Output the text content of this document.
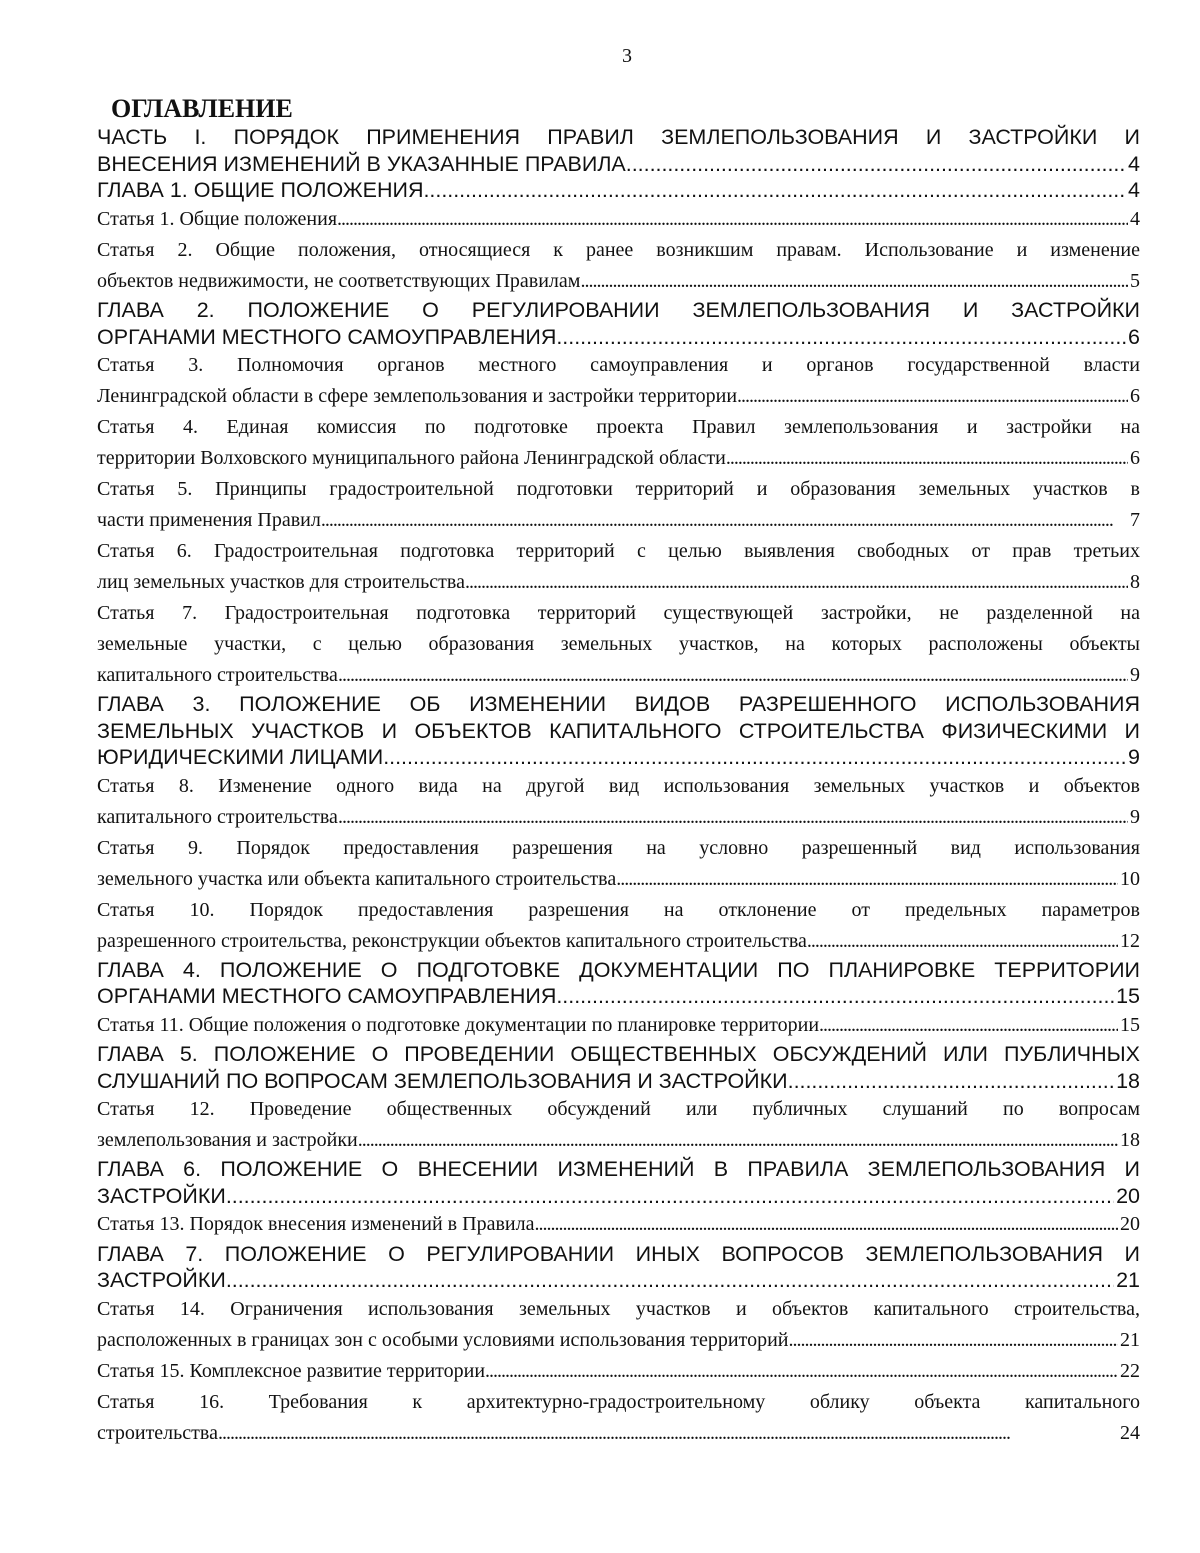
3
ОГЛАВЛЕНИЕ
ЧАСТЬ I. ПОРЯДОК ПРИМЕНЕНИЯ ПРАВИЛ ЗЕМЛЕПОЛЬЗОВАНИЯ И ЗАСТРОЙКИ И
ВНЕСЕНИЯ ИЗМЕНЕНИЙ В УКАЗАННЫЕ ПРАВИЛА . . .	4
ГЛАВА 1. ОБЩИЕ ПОЛОЖЕНИЯ . . .	4
Статья 1. Общие положения . . .	4
Статья 2. Общие положения, относящиеся к ранее возникшим правам. Использование и изменение
объектов недвижимости, не соответствующих Правилам . . .	5
ГЛАВА 2. ПОЛОЖЕНИЕ О РЕГУЛИРОВАНИИ ЗЕМЛЕПОЛЬЗОВАНИЯ И ЗАСТРОЙКИ
ОРГАНАМИ МЕСТНОГО САМОУПРАВЛЕНИЯ . . .	6
Статья 3. Полномочия органов местного самоуправления и органов государственной власти
Ленинградской области в сфере землепользования и застройки территории . . .	6
Статья 4. Единая комиссия по подготовке проекта Правил землепользования и застройки на
территории Волховского муниципального района Ленинградской области . . .	6
Статья 5. Принципы градостроительной подготовки территорий и образования земельных участков в
части применения Правил . . .	7
Статья 6. Градостроительная подготовка территорий с целью выявления свободных от прав третьих
лиц земельных участков для строительства . . .	8
Статья 7. Градостроительная подготовка территорий существующей застройки, не разделенной на
земельные участки, с целью образования земельных участков, на которых расположены объекты
капитального строительства . . .	9
ГЛАВА 3. ПОЛОЖЕНИЕ ОБ ИЗМЕНЕНИИ ВИДОВ РАЗРЕШЕННОГО ИСПОЛЬЗОВАНИЯ
ЗЕМЕЛЬНЫХ УЧАСТКОВ И ОБЪЕКТОВ КАПИТАЛЬНОГО СТРОИТЕЛЬСТВА ФИЗИЧЕСКИМИ И
ЮРИДИЧЕСКИМИ ЛИЦАМИ . . .	9
Статья 8. Изменение одного вида на другой вид использования земельных участков и объектов
капитального строительства . . .	9
Статья 9. Порядок предоставления разрешения на условно разрешенный вид использования
земельного участка или объекта капитального строительства . . .	10
Статья 10. Порядок предоставления разрешения на отклонение от предельных параметров
разрешенного строительства, реконструкции объектов капитального строительства . . .	12
ГЛАВА 4. ПОЛОЖЕНИЕ О ПОДГОТОВКЕ ДОКУМЕНТАЦИИ ПО ПЛАНИРОВКЕ ТЕРРИТОРИИ
ОРГАНАМИ МЕСТНОГО САМОУПРАВЛЕНИЯ . . .	15
Статья 11. Общие положения о подготовке документации по планировке территории . . .	15
ГЛАВА 5. ПОЛОЖЕНИЕ О ПРОВЕДЕНИИ ОБЩЕСТВЕННЫХ ОБСУЖДЕНИЙ ИЛИ ПУБЛИЧНЫХ
СЛУШАНИЙ ПО ВОПРОСАМ ЗЕМЛЕПОЛЬЗОВАНИЯ И ЗАСТРОЙКИ . . .	18
Статья 12. Проведение общественных обсуждений или публичных слушаний по вопросам
землепользования и застройки . . .	18
ГЛАВА 6. ПОЛОЖЕНИЕ О ВНЕСЕНИИ ИЗМЕНЕНИЙ В ПРАВИЛА ЗЕМЛЕПОЛЬЗОВАНИЯ И
ЗАСТРОЙКИ . . .	20
Статья 13. Порядок внесения изменений в Правила . . .	20
ГЛАВА 7. ПОЛОЖЕНИЕ О РЕГУЛИРОВАНИИ ИНЫХ ВОПРОСОВ ЗЕМЛЕПОЛЬЗОВАНИЯ И
ЗАСТРОЙКИ . . .	21
Статья 14. Ограничения использования земельных участков и объектов капитального строительства,
расположенных в границах зон с особыми условиями использования территорий . . .	21
Статья 15. Комплексное развитие территории . . .	22
Статья 16. Требования к архитектурно-градостроительному облику объекта капитального
строительства . . .	24
